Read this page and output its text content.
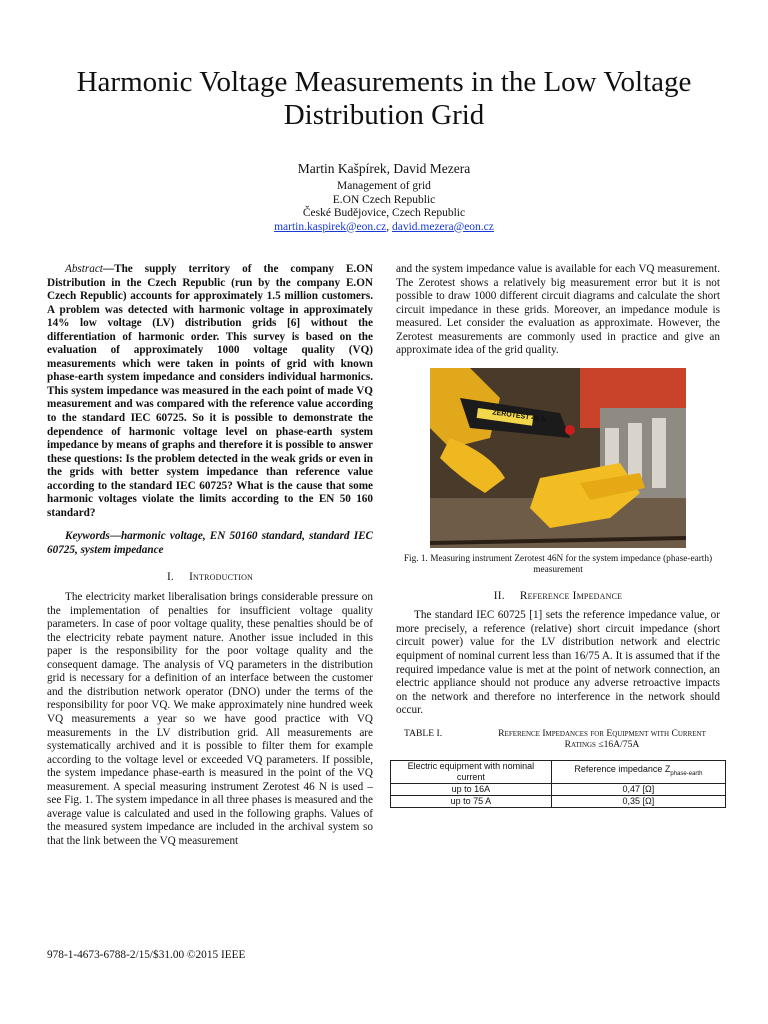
Harmonic Voltage Measurements in the Low Voltage Distribution Grid
Martin Kašpírek, David Mezera
Management of grid
E.ON Czech Republic
České Budějovice, Czech Republic
martin.kaspirek@eon.cz, david.mezera@eon.cz

Abstract—The supply territory of the company E.ON Distribution in the Czech Republic (run by the company E.ON Czech Republic) accounts for approximately 1.5 million customers. A problem was detected with harmonic voltage in approximately 14% low voltage (LV) distribution grids [6] without the differentiation of harmonic order. This survey is based on the evaluation of approximately 1000 voltage quality (VQ) measurements which were taken in points of grid with known phase-earth system impedance and considers individual harmonics. This system impedance was measured in the each point of made VQ measurement and was compared with the reference value according to the standard IEC 60725. So it is possible to demonstrate the dependence of harmonic voltage level on phase-earth system impedance by means of graphs and therefore it is possible to answer these questions: Is the problem detected in the weak grids or even in the grids with better system impedance than reference value according to the standard IEC 60725? What is the cause that some harmonic voltages violate the limits according to the EN 50 160 standard?

Keywords—harmonic voltage, EN 50160 standard, standard IEC 60725, system impedance

I. Introduction

The electricity market liberalisation brings considerable pressure on the implementation of penalties for insufficient voltage quality parameters. In case of poor voltage quality, these penalties should be of the electricity rebate payment nature. Another issue included in this paper is the responsibility for the poor voltage quality and the consequent damage. The analysis of VQ parameters in the distribution grid is necessary for a definition of an interface between the customer and the distribution network operator (DNO) under the terms of the responsibility for poor VQ. We make approximately nine hundred week VQ measurements a year so we have good practice with VQ measurements in the LV distribution grid. All measurements are systematically archived and it is possible to filter them for example according to the voltage level or exceeded VQ parameters. If possible, the system impedance phase-earth is measured in the point of the VQ measurement. A special measuring instrument Zerotest 46 N is used – see Fig. 1. The system impedance in all three phases is measured and the average value is calculated and used in the following graphs. Values of the measured system impedance are included in the archival system so that the link between the VQ measurement

and the system impedance value is available for each VQ measurement. The Zerotest shows a relatively big measurement error but it is not possible to draw 1000 different circuit diagrams and calculate the short circuit impedance in these grids. Moreover, an impedance module is measured. Let consider the evaluation as approximate. However, the Zerotest measurements are commonly used in practice and give an approximate idea of the grid quality.

ZEROTEST 46 N

Fig. 1. Measuring instrument Zerotest 46N for the system impedance (phase-earth) measurement

II. Reference Impedance

The standard IEC 60725 [1] sets the reference impedance value, or more precisely, a reference (relative) short circuit impedance (short circuit power) value for the LV distribution network and electric equipment of nominal current less than 16/75 A. It is assumed that if the required impedance value is met at the point of network connection, an electric appliance should not produce any adverse retroactive impacts on the network and therefore no interference in the network should occur.

TABLE I.	Reference Impedances for Equipment with Current
Ratings ≤16A/75A
Electric equipment with nominal current	Reference impedance $Z_{phase-earth}$
up to 16A	0,47 [Ω]
up to 75 A	0,35 [Ω]
978-1-4673-6788-2/15/$31.00 ©2015 IEEE
